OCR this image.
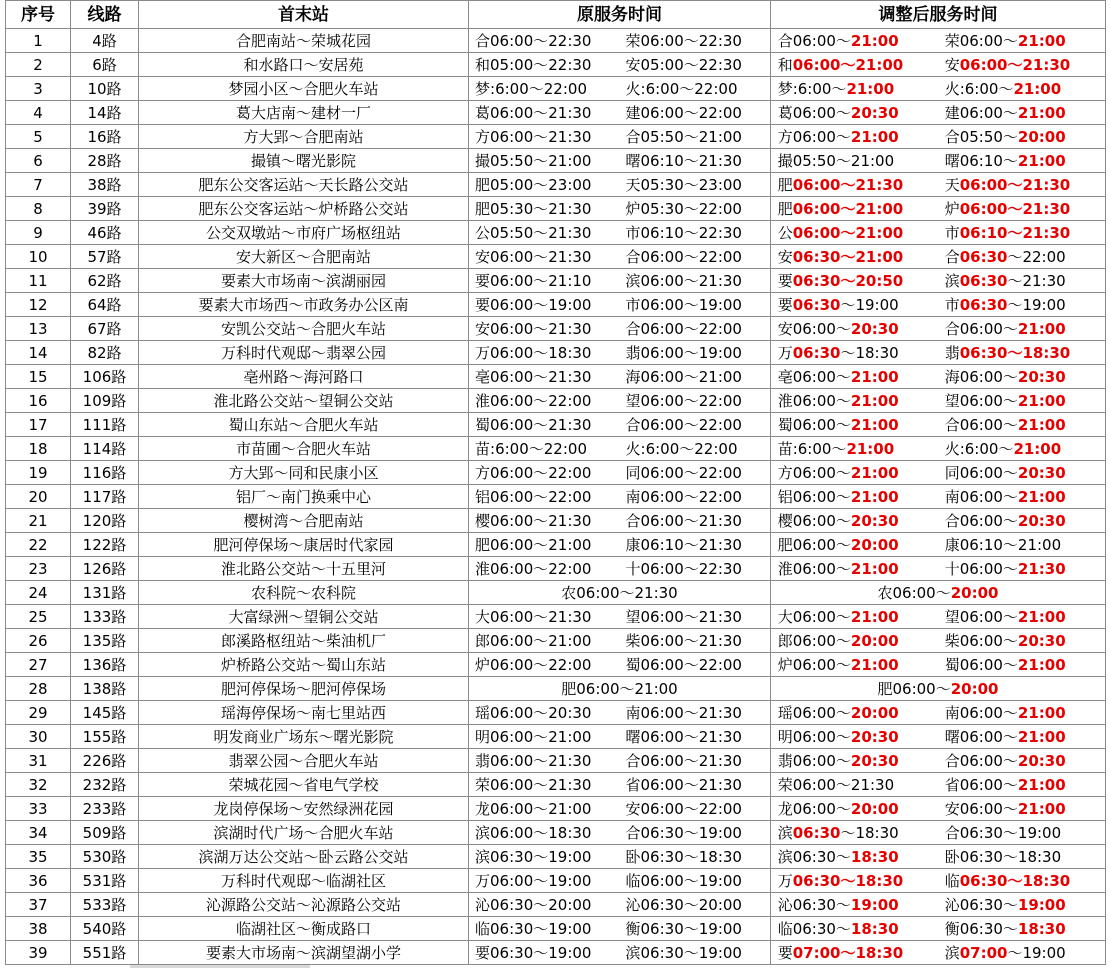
序号	线路	首末站	原服务时间	调整后服务时间
1	4路	合肥南站～荣城花园	合06:00～22:30 荣06:00～22:30	合06:00～21:00 荣06:00～21:00
2	6路	和水路口～安居苑	和05:00～22:30 安05:00～22:30	和06:00～21:00 安06:00～21:30
3	10路	梦园小区～合肥火车站	梦:6:00～22:00 火:6:00～22:00	梦:6:00～21:00 火:6:00～21:00
4	14路	葛大店南～建材一厂	葛06:00～21:30 建06:00～22:00	葛06:00～20:30 建06:00～21:00
5	16路	方大郢～合肥南站	方06:00～21:30 合05:50～21:00	方06:00～21:00 合05:50～20:00
6	28路	撮镇～曙光影院	撮05:50～21:00 曙06:10～21:30	撮05:50～21:00 曙06:10～21:00
7	38路	肥东公交客运站～天长路公交站	肥05:00～23:00 天05:30～23:00	肥06:00～21:30 天06:00～21:30
8	39路	肥东公交客运站～炉桥路公交站	肥05:30～21:30 炉05:30～22:00	肥06:00～21:00 炉06:00～21:30
9	46路	公交双墩站～市府广场枢纽站	公05:50～21:30 市06:10～22:30	公06:00～21:00 市06:10～21:30
10	57路	安大新区～合肥南站	安06:00～21:30 合06:00～22:00	安06:30～21:00 合06:30～22:00
11	62路	要素大市场南～滨湖丽园	要06:00～21:10 滨06:00～21:30	要06:30～20:50 滨06:30～21:30
12	64路	要素大市场西～市政务办公区南	要06:00～19:00 市06:00～19:00	要06:30～19:00 市06:30～19:00
13	67路	安凯公交站～合肥火车站	安06:00～21:30 合06:00～22:00	安06:00～20:30 合06:00～21:00
14	82路	万科时代观邸～翡翠公园	万06:00～18:30 翡06:00～19:00	万06:30～18:30 翡06:30～18:30
15	106路	亳州路～海河路口	亳06:00～21:30 海06:00～21:00	亳06:00～21:00 海06:00～20:30
16	109路	淮北路公交站～望铜公交站	淮06:00～22:00 望06:00～22:00	淮06:00～21:00 望06:00～21:00
17	111路	蜀山东站～合肥火车站	蜀06:00～21:30 合06:00～22:00	蜀06:00～21:00 合06:00～21:00
18	114路	市苗圃～合肥火车站	苗:6:00～22:00 火:6:00～22:00	苗:6:00～21:00 火:6:00～21:00
19	116路	方大郢～同和民康小区	方06:00～22:00 同06:00～22:00	方06:00～21:00 同06:00～20:30
20	117路	铝厂～南门换乘中心	铝06:00～22:00 南06:00～22:00	铝06:00～21:00 南06:00～21:00
21	120路	樱树湾～合肥南站	樱06:00～21:30 合06:00～21:30	樱06:00～20:30 合06:00～20:30
22	122路	肥河停保场～康居时代家园	肥06:00～21:00 康06:10～21:30	肥06:00～20:00 康06:10～21:00
23	126路	淮北路公交站～十五里河	淮06:00～22:00 十06:00～22:30	淮06:00～21:00 十06:00～21:30
24	131路	农科院～农科院	农06:00～21:30	农06:00～20:00
25	133路	大富绿洲～望铜公交站	大06:00～21:30 望06:00～21:30	大06:00～21:00 望06:00～21:00
26	135路	郎溪路枢纽站～柴油机厂	郎06:00～21:00 柴06:00～21:30	郎06:00～20:00 柴06:00～20:30
27	136路	炉桥路公交站～蜀山东站	炉06:00～22:00 蜀06:00～22:00	炉06:00～21:00 蜀06:00～21:00
28	138路	肥河停保场～肥河停保场	肥06:00～21:00	肥06:00～20:00
29	145路	瑶海停保场～南七里站西	瑶06:00～20:30 南06:00～21:30	瑶06:00～20:00 南06:00～21:00
30	155路	明发商业广场东～曙光影院	明06:00～21:00 曙06:00～21:30	明06:00～20:30 曙06:00～21:00
31	226路	翡翠公园～合肥火车站	翡06:00～21:30 合06:00～21:30	翡06:00～20:30 合06:00～20:30
32	232路	荣城花园～省电气学校	荣06:00～21:30 省06:00～21:30	荣06:00～21:30 省06:00～21:00
33	233路	龙岗停保场～安然绿洲花园	龙06:00～21:00 安06:00～22:00	龙06:00～20:00 安06:00～21:00
34	509路	滨湖时代广场～合肥火车站	滨06:00～18:30 合06:30～19:00	滨06:30～18:30 合06:30～19:00
35	530路	滨湖万达公交站～卧云路公交站	滨06:30～19:00 卧06:30～18:30	滨06:30～18:30 卧06:30～18:30
36	531路	万科时代观邸～临湖社区	万06:00～19:00 临06:00～19:00	万06:30～18:30 临06:30～18:30
37	533路	沁源路公交站～沁源路公交站	沁06:30～20:00 沁06:30～20:00	沁06:30～19:00 沁06:30～19:00
38	540路	临湖社区～衡成路口	临06:30～19:00 衡06:30～19:00	临06:30～18:30 衡06:30～18:30
39	551路	要素大市场南～滨湖望湖小学	要06:30～19:00 滨06:30～19:00	要07:00～18:30 滨07:00～19:00
